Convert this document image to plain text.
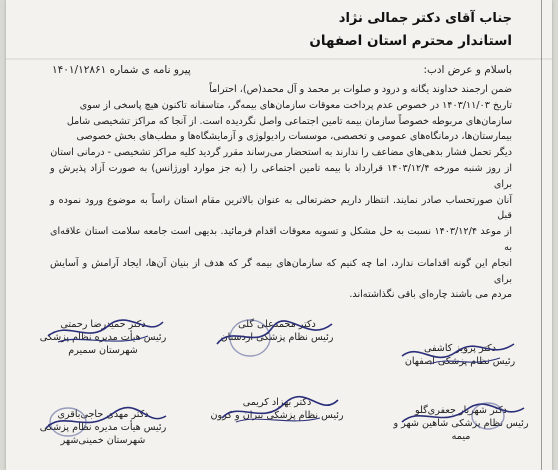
جناب آقای دکتر جمالی نژاد
استاندار محترم استان اصفهان
باسلام و عرض ادب:
پیرو نامه ی شماره ۱۴۰۱/۱۲۸۶۱

ضمن ارجمند خداوند یگانه و درود و صلوات بر محمد و آل محمد(ص)، احتراماً

تاریخ ۱۴۰۳/۱۱/۰۳ در خصوص عدم پرداخت معوقات سازمان‌های بیمه‌گر، متاسفانه تاکنون هیچ پاسخی از سوی

سازمان‌های مربوطه خصوصاً سازمان بیمه تامین اجتماعی واصل نگردیده است. از آنجا که مراکز تشخیصی شامل

بیمارستان‌ها، درمانگاه‌های عمومی و تخصصی، موسسات رادیولوژی و آزمایشگاه‌ها و مطب‌های بخش خصوصی

دیگر تحمل فشار بدهی‌های مضاعف را ندارند به استحضار می‌رساند مقرر گردید کلیه مراکز تشخیصی - درمانی استان

از روز شنبه مورخه ۱۴۰۳/۱۲/۴ قرارداد با بیمه تامین اجتماعی را (به جز موارد اورژانس) به صورت آزاد پذیرش و برای

آنان صورتحساب صادر نمایند. انتظار داریم حضرتعالی به عنوان بالاترین مقام استان راساً به موضوع ورود نموده و قبل

از موعد ۱۴۰۳/۱۲/۴ نسبت به حل مشکل و تسویه معوقات اقدام فرمائید. بدیهی است جامعه سلامت استان علاقه‌ای به

انجام این گونه اقدامات ندارد، اما چه کنیم که سازمان‌های بیمه گر که هدف از بنیان آن‌ها، ایجاد آرامش و آسایش برای

مردم می باشند چاره‌ای باقی نگذاشته‌اند.

دکتر حمیدرضا رحمتی
رئیس هیأت مدیره نظام پزشکی
شهرستان سمیرم
دکتر محمدعلی گلی
رئیس نظام پزشکی اردستان
دکتر پرویز کاشفی
رئیس نظام پزشکی اصفهان
دکتر مهدی حاجی‌باقری
رئیس هیأت مدیره نظام پزشکی
شهرستان خمینی‌شهر
دکتر بهزاد کریمی
رئیس نظام پزشکی تیران و کرون	دکتر شهریار جعفری‌گلو
رئیس نظام پزشکی شاهین شهر و میمه
